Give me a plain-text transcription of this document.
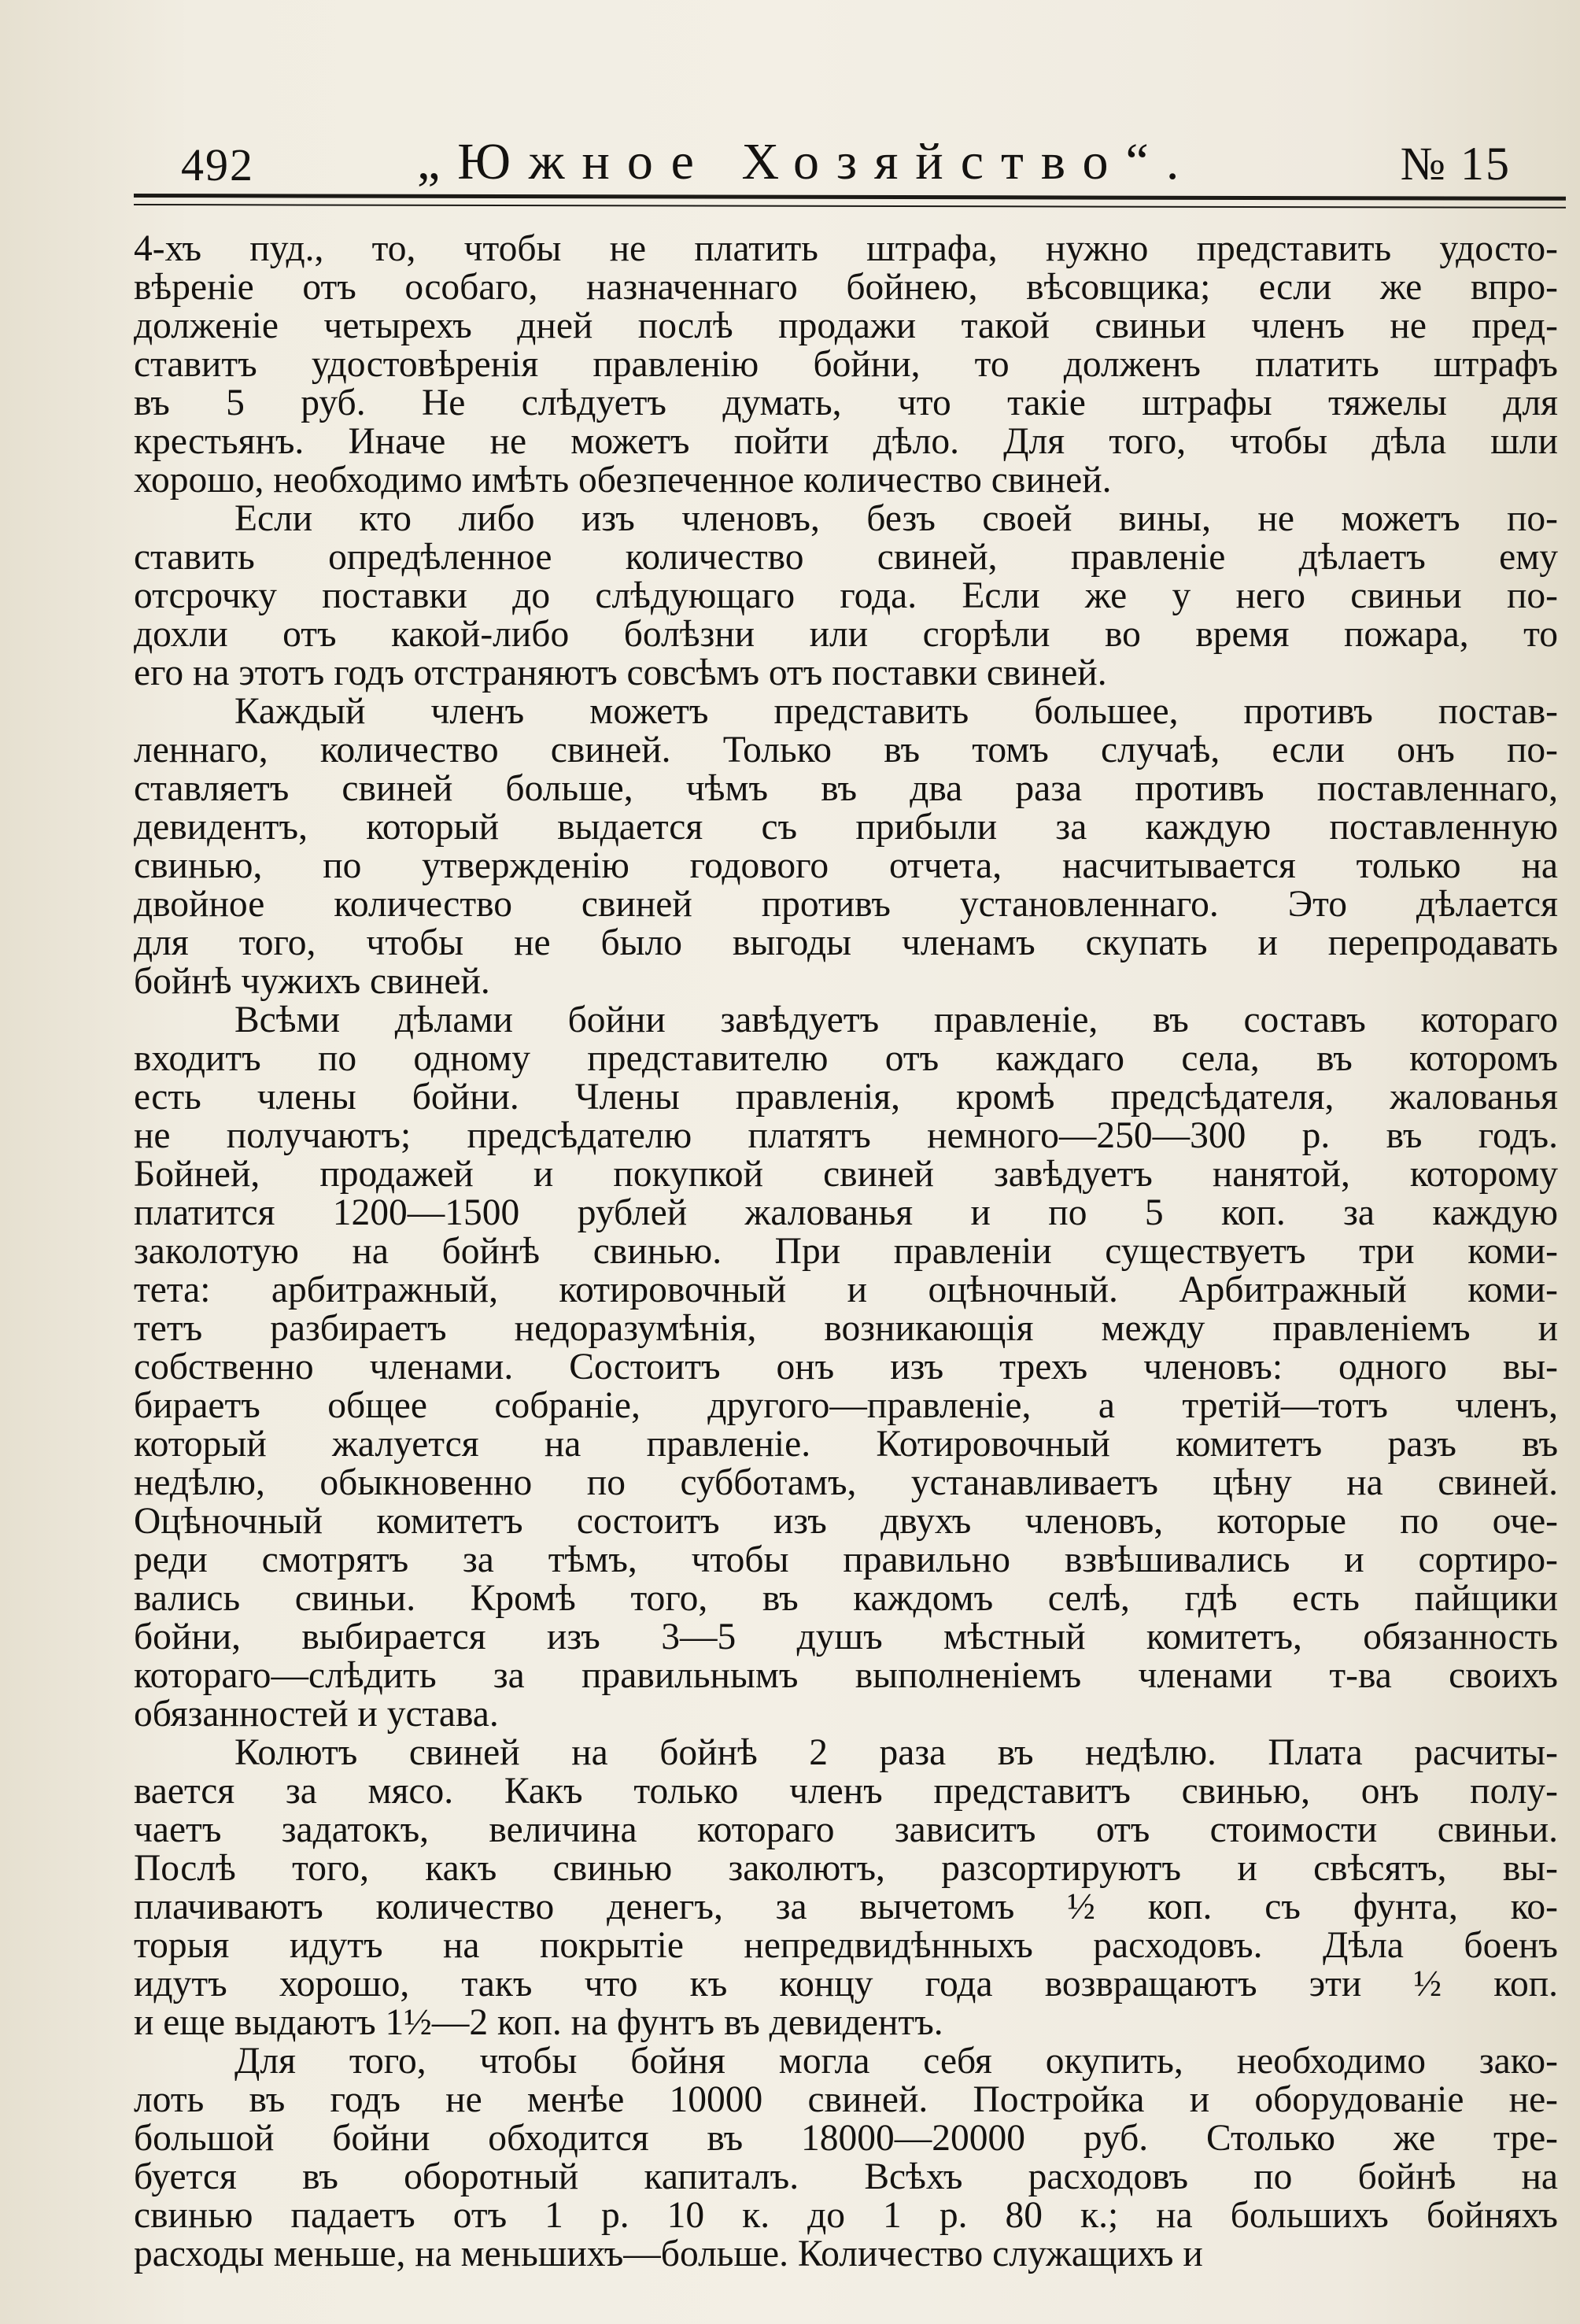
492	„Южное Хозяйство“.	№ 15
4-хъ пуд., то, чтобы не платить штрафа, нужно представить удосто-
вѣреніе отъ особаго, назначеннаго бойнею, вѣсовщика; если же впро-
долженіе четырехъ дней послѣ продажи такой свиньи членъ не пред-
ставитъ удостовѣренія правленію бойни, то долженъ платить штрафъ
въ 5 руб. Не слѣдуетъ думать, что такіе штрафы тяжелы для
крестьянъ. Иначе не можетъ пойти дѣло. Для того, чтобы дѣла шли
хорошо, необходимо имѣть обезпеченное количество свиней.
Если кто либо изъ членовъ, безъ своей вины, не можетъ по-
ставить опредѣленное количество свиней, правленіе дѣлаетъ ему
отсрочку поставки до слѣдующаго года. Если же у него свиньи по-
дохли отъ какой-либо болѣзни или сгорѣли во время пожара, то
его на этотъ годъ отстраняютъ совсѣмъ отъ поставки свиней.
Каждый членъ можетъ представить большее, противъ постав-
леннаго, количество свиней. Только въ томъ случаѣ, если онъ по-
ставляетъ свиней больше, чѣмъ въ два раза противъ поставленнаго,
девидентъ, который выдается съ прибыли за каждую поставленную
свинью, по утвержденію годового отчета, насчитывается только на
двойное количество свиней противъ установленнаго. Это дѣлается
для того, чтобы не было выгоды членамъ скупать и перепродавать
бойнѣ чужихъ свиней.
Всѣми дѣлами бойни завѣдуетъ правленіе, въ составъ котораго
входитъ по одному представителю отъ каждаго села, въ которомъ
есть члены бойни. Члены правленія, кромѣ предсѣдателя, жалованья
не получаютъ; предсѣдателю платятъ немного—250—300 р. въ годъ.
Бойней, продажей и покупкой свиней завѣдуетъ нанятой, которому
платится 1200—1500 рублей жалованья и по 5 коп. за каждую
заколотую на бойнѣ свинью. При правленіи существуетъ три коми-
тета: арбитражный, котировочный и оцѣночный. Арбитражный коми-
тетъ разбираетъ недоразумѣнія, возникающія между правленіемъ и
собственно членами. Состоитъ онъ изъ трехъ членовъ: одного вы-
бираетъ общее собраніе, другого—правленіе, а третій—тотъ членъ,
который жалуется на правленіе. Котировочный комитетъ разъ въ
недѣлю, обыкновенно по субботамъ, устанавливаетъ цѣну на свиней.
Оцѣночный комитетъ состоитъ изъ двухъ членовъ, которые по оче-
реди смотрятъ за тѣмъ, чтобы правильно взвѣшивались и сортиро-
вались свиньи. Кромѣ того, въ каждомъ селѣ, гдѣ есть пайщики
бойни, выбирается изъ 3—5 душъ мѣстный комитетъ, обязанность
котораго—слѣдить за правильнымъ выполненіемъ членами т-ва своихъ
обязанностей и устава.
Колютъ свиней на бойнѣ 2 раза въ недѣлю. Плата расчиты-
вается за мясо. Какъ только членъ представитъ свинью, онъ полу-
чаетъ задатокъ, величина котораго зависитъ отъ стоимости свиньи.
Послѣ того, какъ свинью заколютъ, разсортируютъ и свѣсятъ, вы-
плачиваютъ количество денегъ, за вычетомъ ½ коп. съ фунта, ко-
торыя идутъ на покрытіе непредвидѣнныхъ расходовъ. Дѣла боенъ
идутъ хорошо, такъ что къ концу года возвращаютъ эти ½ коп.
и еще выдаютъ 1½—2 коп. на фунтъ въ девидентъ.
Для того, чтобы бойня могла себя окупить, необходимо зако-
лоть въ годъ не менѣе 10000 свиней. Постройка и оборудованіе не-
большой бойни обходится въ 18000—20000 руб. Столько же тре-
буется въ оборотный капиталъ. Всѣхъ расходовъ по бойнѣ на
свинью падаетъ отъ 1 р. 10 к. до 1 р. 80 к.; на большихъ бойняхъ
расходы меньше, на меньшихъ—больше. Количество служащихъ и
